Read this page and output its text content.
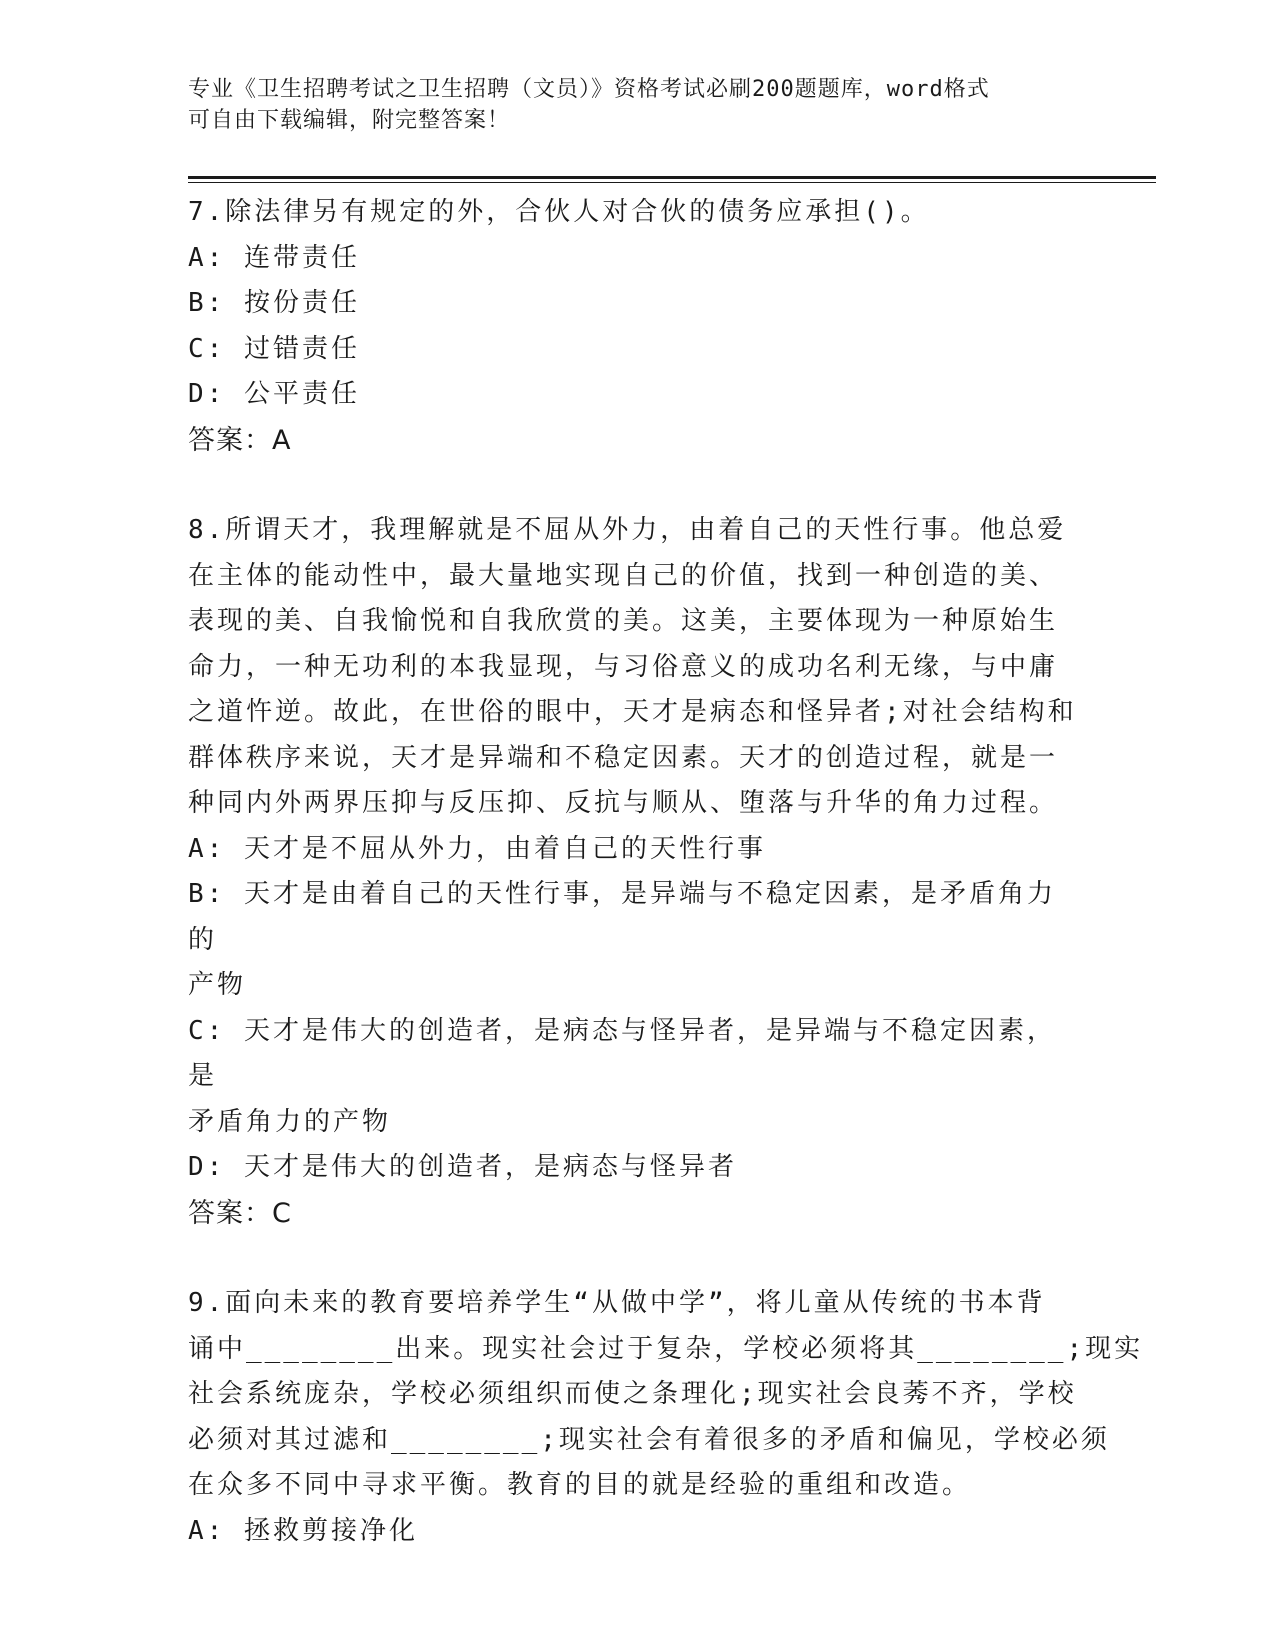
专业《卫生招聘考试之卫生招聘（文员）》资格考试必刷200题题库，word格式
可自由下载编辑，附完整答案！
7.除法律另有规定的外，合伙人对合伙的债务应承担()。
A: 连带责任
B: 按份责任
C: 过错责任
D: 公平责任
答案：A
8.所谓天才，我理解就是不屈从外力，由着自己的天性行事。他总爱
在主体的能动性中，最大量地实现自己的价值，找到一种创造的美、
表现的美、自我愉悦和自我欣赏的美。这美，主要体现为一种原始生
命力，一种无功利的本我显现，与习俗意义的成功名利无缘，与中庸
之道忤逆。故此，在世俗的眼中，天才是病态和怪异者;对社会结构和
群体秩序来说，天才是异端和不稳定因素。天才的创造过程，就是一
种同内外两界压抑与反压抑、反抗与顺从、堕落与升华的角力过程。
A: 天才是不屈从外力，由着自己的天性行事
B: 天才是由着自己的天性行事，是异端与不稳定因素，是矛盾角力的
产物
C: 天才是伟大的创造者，是病态与怪异者，是异端与不稳定因素，是
矛盾角力的产物
D: 天才是伟大的创造者，是病态与怪异者
答案：C
9.面向未来的教育要培养学生“从做中学”，将儿童从传统的书本背
诵中________出来。现实社会过于复杂，学校必须将其________;现实
社会系统庞杂，学校必须组织而使之条理化;现实社会良莠不齐，学校
必须对其过滤和________;现实社会有着很多的矛盾和偏见，学校必须
在众多不同中寻求平衡。教育的目的就是经验的重组和改造。
A: 拯救剪接净化
